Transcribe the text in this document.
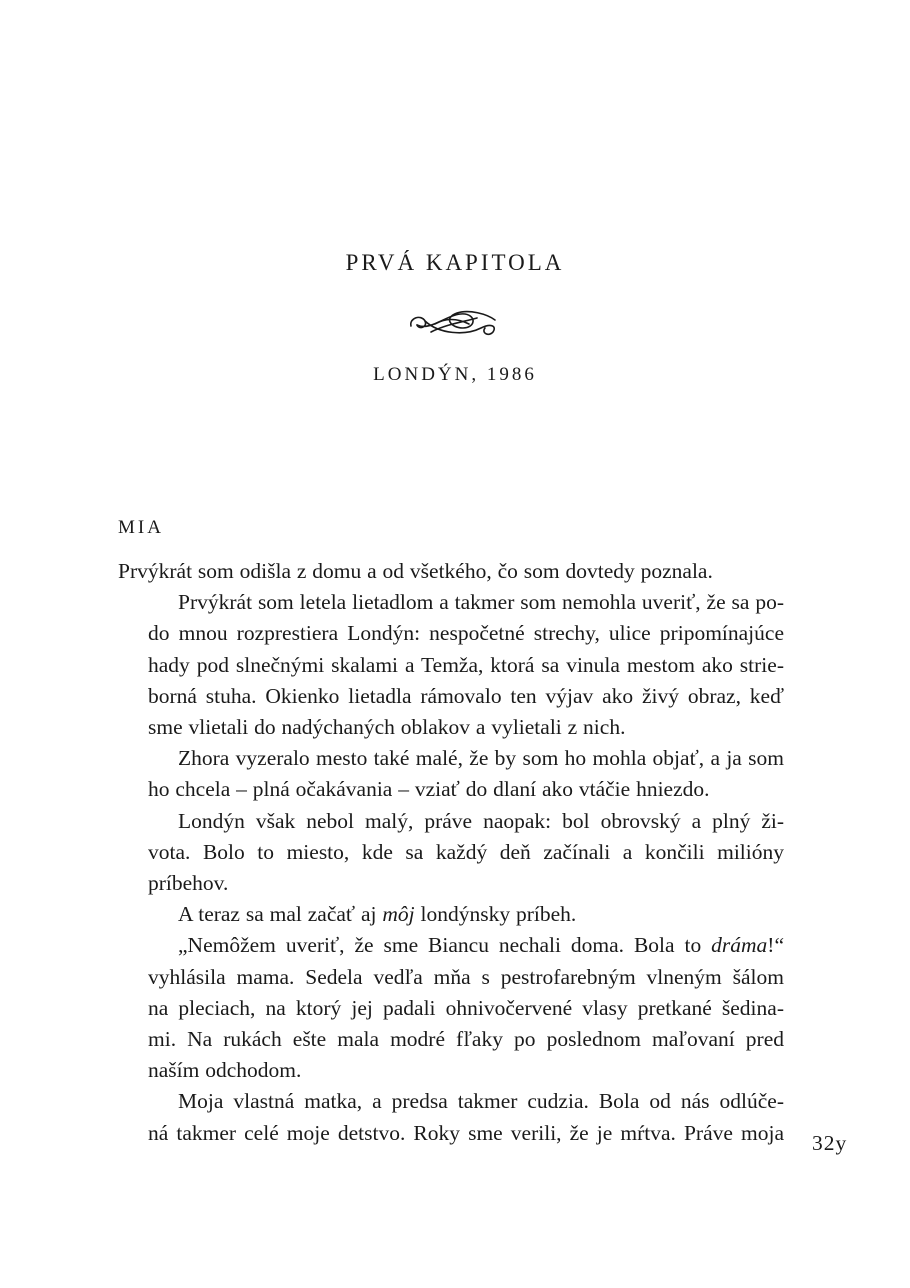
PRVÁ KAPITOLA
LONDÝN, 1986
MIA

Prvýkrát som odišla z domu a od všetkého, čo som dovtedy poznala.

Prvýkrát som letela lietadlom a takmer som nemohla uveriť, že sa po-
do mnou rozprestiera Londýn: nespočetné strechy, ulice pripomínajúce
hady pod slnečnými skalami a Temža, ktorá sa vinula mestom ako strie-
borná stuha. Okienko lietadla rámovalo ten výjav ako živý obraz, keď
sme vlietali do nadýchaných oblakov a vylietali z nich.

Zhora vyzeralo mesto také malé, že by som ho mohla objať, a ja som
ho chcela – plná očakávania – vziať do dlaní ako vtáčie hniezdo.

Londýn však nebol malý, práve naopak: bol obrovský a plný ži-
vota. Bolo to miesto, kde sa každý deň začínali a končili milióny
príbehov.

A teraz sa mal začať aj môj londýnsky príbeh.

„Nemôžem uveriť, že sme Biancu nechali doma. Bola to dráma!“
vyhlásila mama. Sedela vedľa mňa s pestrofarebným vlneným šálom
na pleciach, na ktorý jej padali ohnivočervené vlasy pretkané šedina-
mi. Na rukách ešte mala modré fľaky po poslednom maľovaní pred
naším odchodom.

Moja vlastná matka, a predsa takmer cudzia. Bola od nás odlúče-
ná takmer celé moje detstvo. Roky sme verili, že je mŕtva. Práve moja 32y
